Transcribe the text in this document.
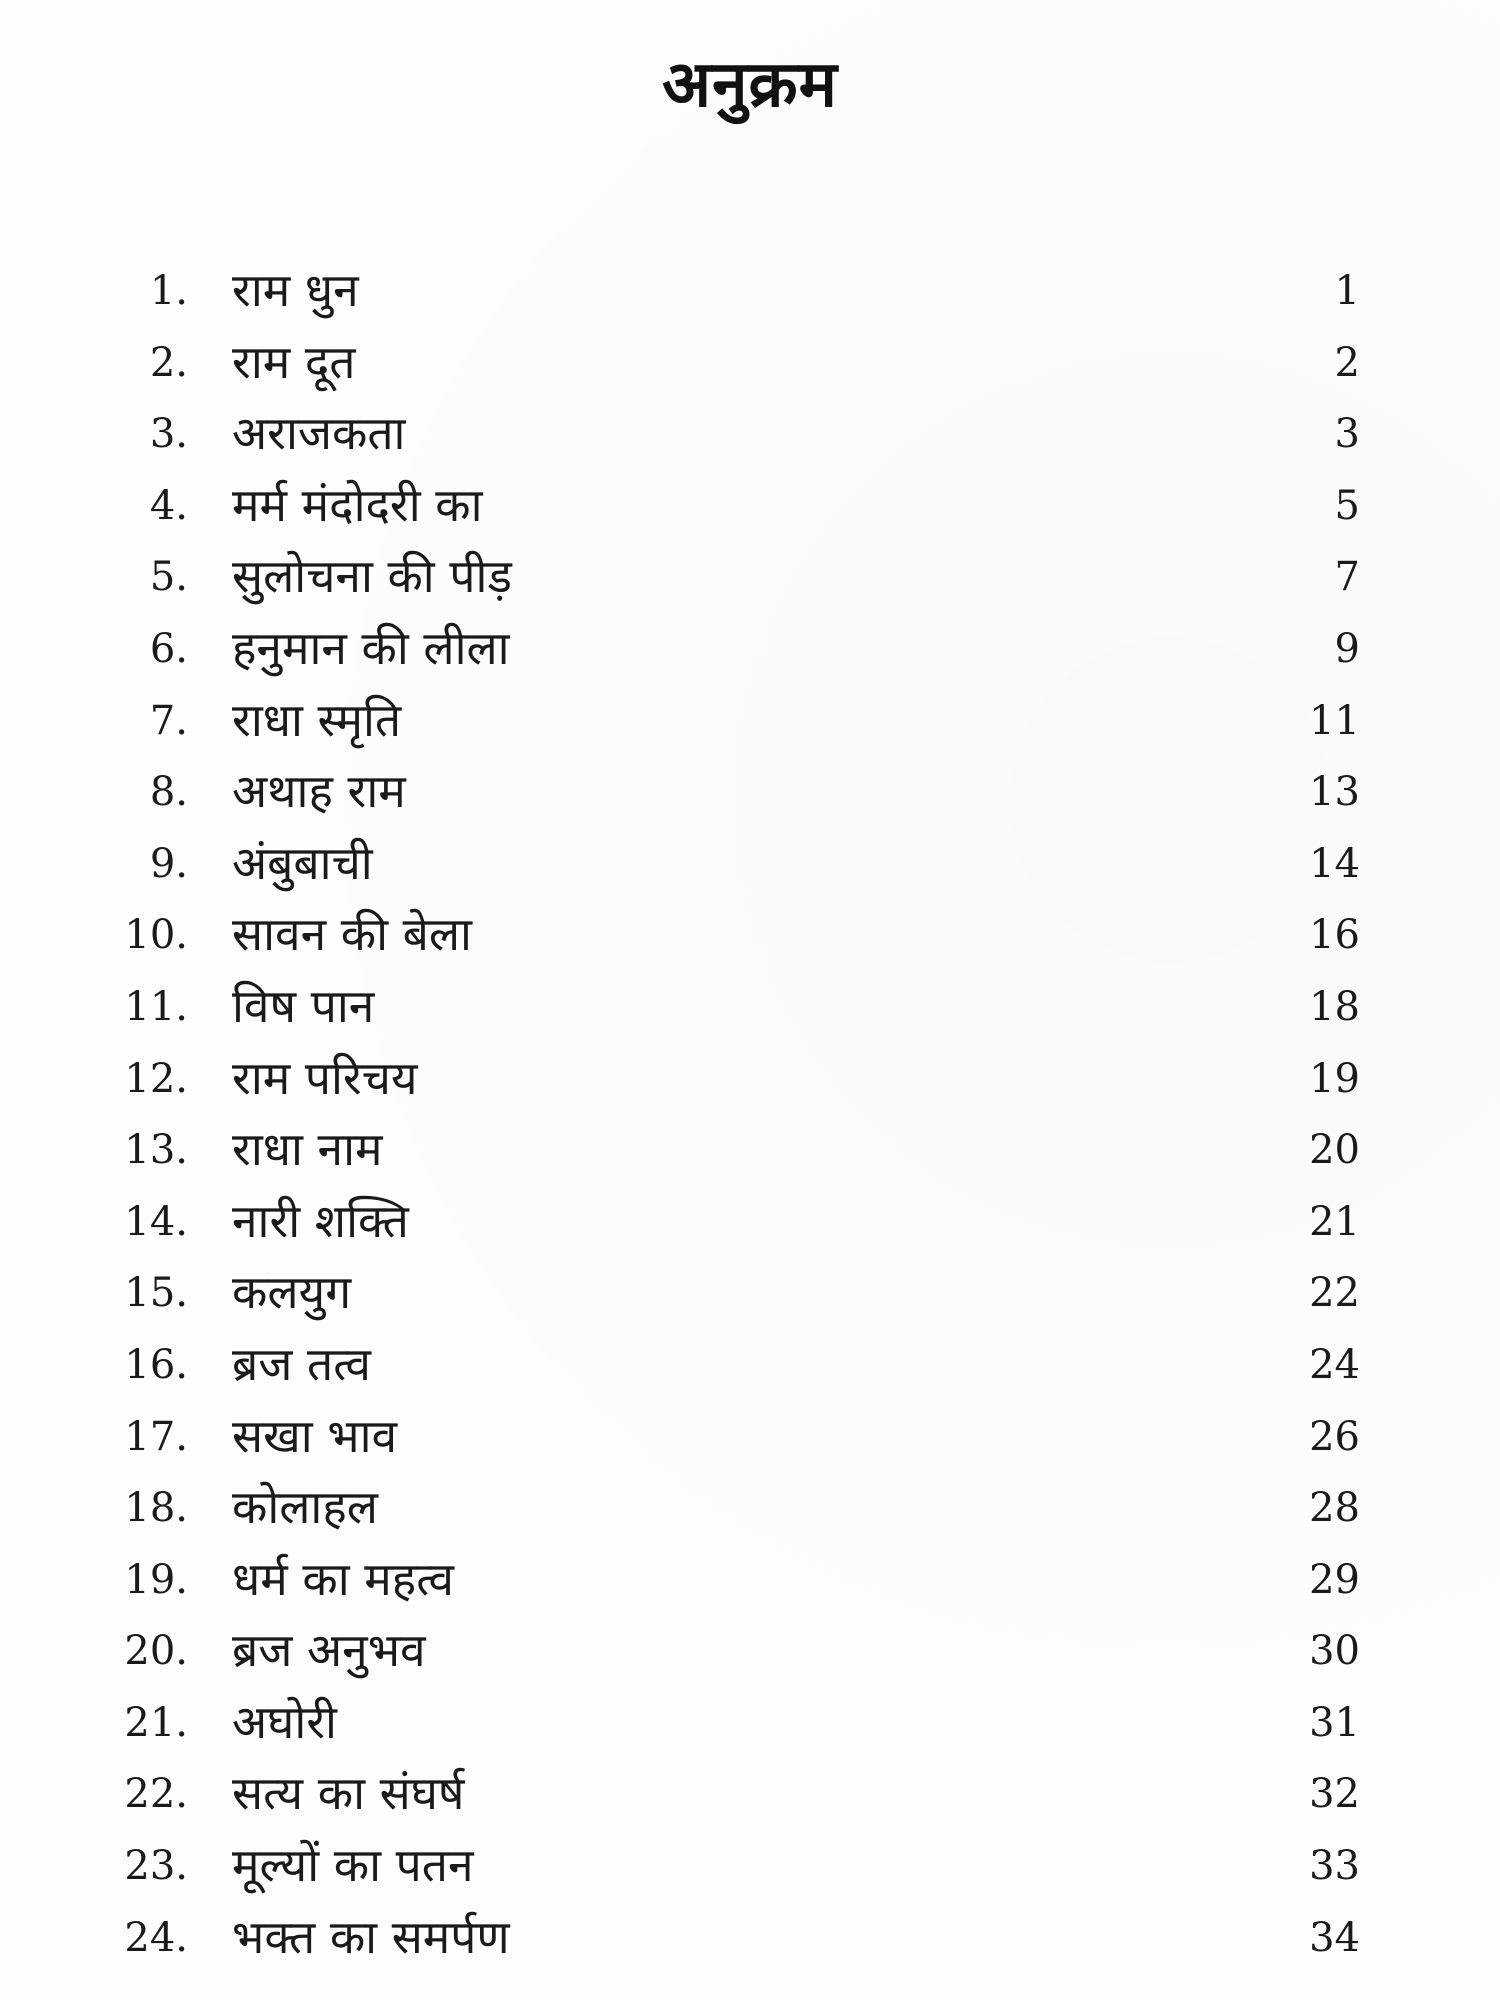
अनुक्रम
1. राम धुन	1
2. राम दूत	2
3. अराजकता	3
4. मर्म मंदोदरी का	5
5. सुलोचना की पीड़	7
6. हनुमान की लीला	9
7. राधा स्मृति	11
8. अथाह राम	13
9. अंबुबाची	14
10. सावन की बेला	16
11. विष पान	18
12. राम परिचय	19
13. राधा नाम	20
14. नारी शक्ति	21
15. कलयुग	22
16. ब्रज तत्व	24
17. सखा भाव	26
18. कोलाहल	28
19. धर्म का महत्व	29
20. ब्रज अनुभव	30
21. अघोरी	31
22. सत्य का संघर्ष	32
23. मूल्यों का पतन	33
24. भक्त का समर्पण	34
